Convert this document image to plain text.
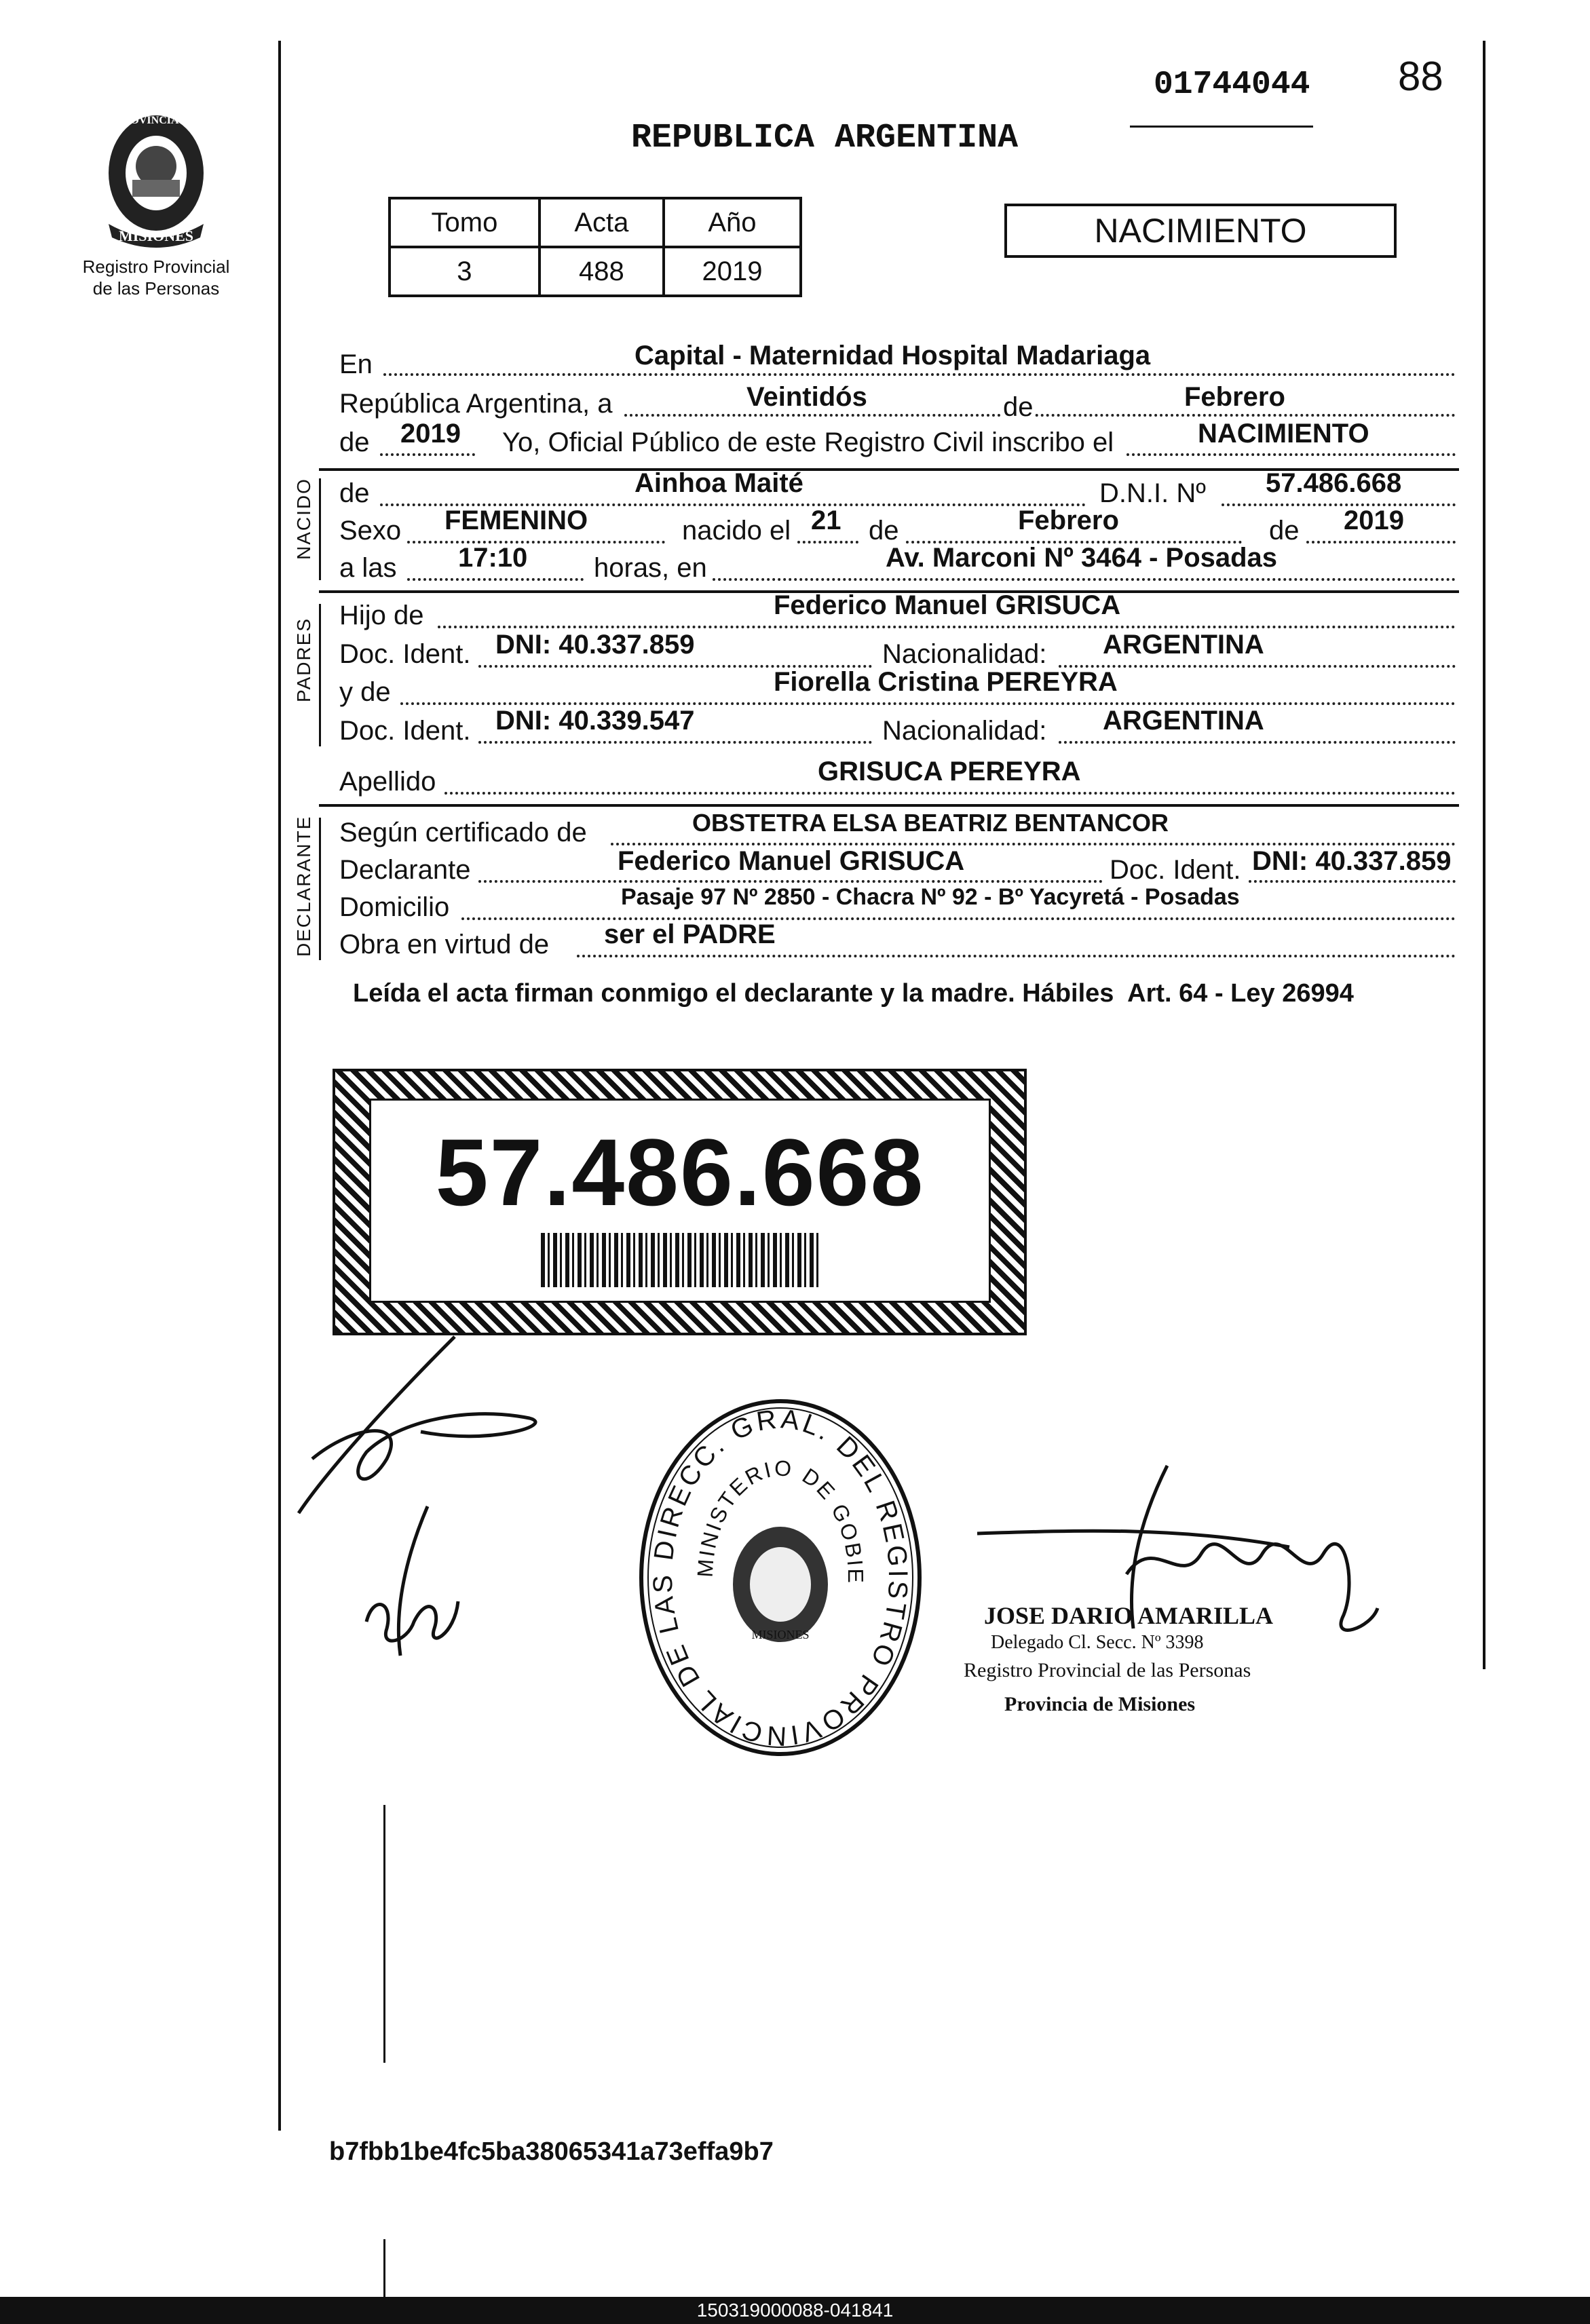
MISIONES
PROVINCIA DE
Registro Provincial
de las Personas
01744044 88
REPUBLICA ARGENTINA
Tomo	Acta	Año
3	488	2019
NACIMIENTO
En	Capital - Maternidad Hospital Madariaga
República Argentina, a	Veintidós	de	Febrero
de 2019 Yo, Oficial Público de este Registro Civil inscribo el	NACIMIENTO
NACIDO de	Ainhoa Maité	D.N.I. Nº 57.486.668
Sexo FEMENINO	nacido el 21 de	Febrero	de 2019
a las 17:10 horas, en	Av. Marconi Nº 3464 - Posadas
PADRES
Hijo de	Federico Manuel GRISUCA
Doc. Ident. DNI: 40.337.859	Nacionalidad: ARGENTINA
y de	Fiorella Cristina PEREYRA
Doc. Ident. DNI: 40.339.547	Nacionalidad: ARGENTINA
Apellido	GRISUCA PEREYRA
DECLARANTE Según certificado de	OBSTETRA ELSA BEATRIZ BENTANCOR
Declarante	Federico Manuel GRISUCA	Doc. Ident. DNI: 40.337.859
Domicilio	Pasaje 97 Nº 2850 - Chacra Nº 92 - Bº Yacyretá - Posadas
Obra en virtud de ser el PADRE
Leída el acta firman conmigo el declarante y la madre. Hábiles  Art. 64 - Ley 26994
57.486.668
DIRECC. GRAL. DEL REGISTRO PROVINCIAL DE LAS
MINISTERIO DE GOBIE
MISIONES
JOSE DARIO AMARILLA
Delegado Cl. Secc. Nº 3398
Registro Provincial de las Personas
Provincia de Misiones
b7fbb1be4fc5ba38065341a73effa9b7
150319000088-041841
